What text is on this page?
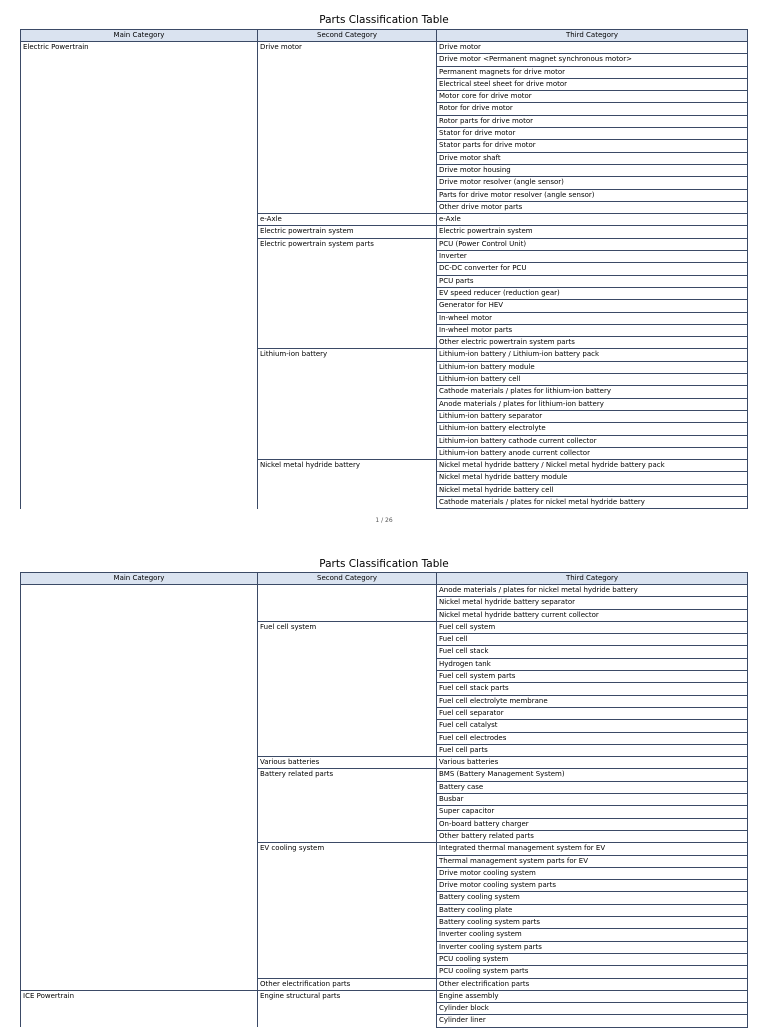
Parts Classification Table
Main Category	Second Category	Third Category
Electric Powertrain	Drive motor	Drive motor
		Drive motor <Permanent magnet synchronous motor>
		Permanent magnets for drive motor
		Electrical steel sheet for drive motor
		Motor core for drive motor
		Rotor for drive motor
		Rotor parts for drive motor
		Stator for drive motor
		Stator parts for drive motor
		Drive motor shaft
		Drive motor housing
		Drive motor resolver (angle sensor)
		Parts for drive motor resolver (angle sensor)
		Other drive motor parts
	e-Axle	e-Axle
	Electric powertrain system	Electric powertrain system
	Electric powertrain system parts	PCU (Power Control Unit)
		Inverter
		DC-DC converter for PCU
		PCU parts
		EV speed reducer (reduction gear)
		Generator for HEV
		In-wheel motor
		In-wheel motor parts
		Other electric powertrain system parts
	Lithium-ion battery	Lithium-ion battery / Lithium-ion battery pack
		Lithium-ion battery module
		Lithium-ion battery cell
		Cathode materials / plates for lithium-ion battery
		Anode materials / plates for lithium-ion battery
		Lithium-ion battery separator
		Lithium-ion battery electrolyte
		Lithium-ion battery cathode current collector
		Lithium-ion battery anode current collector
	Nickel metal hydride battery	Nickel metal hydride battery / Nickel metal hydride battery pack
		Nickel metal hydride battery module
		Nickel metal hydride battery cell
		Cathode materials / plates for nickel metal hydride battery
1 / 26
Parts Classification Table
Main Category	Second Category	Third Category
		Anode materials / plates for nickel metal hydride battery
		Nickel metal hydride battery separator
		Nickel metal hydride battery current collector
	Fuel cell system	Fuel cell system
		Fuel cell
		Fuel cell stack
		Hydrogen tank
		Fuel cell system parts
		Fuel cell stack parts
		Fuel cell electrolyte membrane
		Fuel cell separator
		Fuel cell catalyst
		Fuel cell electrodes
		Fuel cell parts
	Various batteries	Various batteries
	Battery related parts	BMS (Battery Management System)
		Battery case
		Busbar
		Super capacitor
		On-board battery charger
		Other battery related parts
	EV cooling system	Integrated thermal management system for EV
		Thermal management system parts for EV
		Drive motor cooling system
		Drive motor cooling system parts
		Battery cooling system
		Battery cooling plate
		Battery cooling system parts
		Inverter cooling system
		Inverter cooling system parts
		PCU cooling system
		PCU cooling system parts
	Other electrification parts	Other electrification parts
ICE Powertrain	Engine structural parts	Engine assembly
		Cylinder block
		Cylinder liner
